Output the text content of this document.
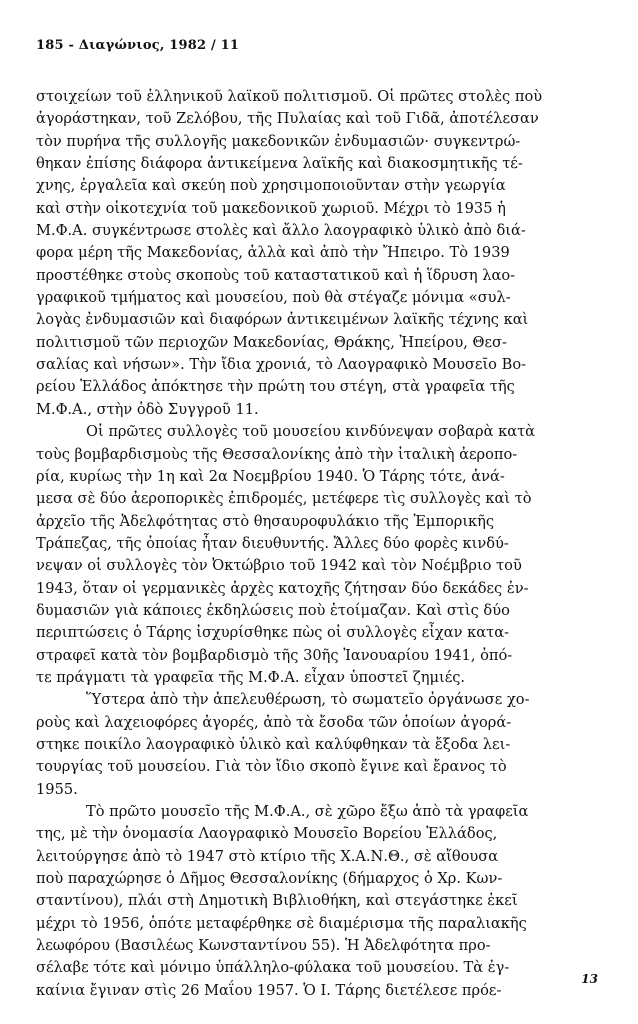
185 - Διαγώνιος, 1982 / 11
στοιχείων τοῦ ἑλληνικοῦ λαϊκοῦ πολιτισμοῦ. Οἱ πρῶτες στολὲς ποὺ
ἀγοράστηκαν, τοῦ Ζελόβου, τῆς Πυλαίας καὶ τοῦ Γιδᾶ, ἀποτέλεσαν
τὸν πυρήνα τῆς συλλογῆς μακεδονικῶν ἐνδυμασιῶν· συγκεντρώ-
θηκαν ἐπίσης διάφορα ἀντικείμενα λαϊκῆς καὶ διακοσμητικῆς τέ-
χνης, ἐργαλεῖα καὶ σκεύη ποὺ χρησιμοποιοῦνταν στὴν γεωργία
καὶ στὴν οἰκοτεχνία τοῦ μακεδονικοῦ χωριοῦ. Μέχρι τὸ 1935 ἡ
Μ.Φ.Α. συγκέντρωσε στολὲς καὶ ἄλλο λαογραφικὸ ὑλικὸ ἀπὸ διά-
φορα μέρη τῆς Μακεδονίας, ἀλλὰ καὶ ἀπὸ τὴν Ἤπειρο. Τὸ 1939
προστέθηκε στοὺς σκοποὺς τοῦ καταστατικοῦ καὶ ἡ ἵδρυση λαο-
γραφικοῦ τμήματος καὶ μουσείου, ποὺ θὰ στέγαζε μόνιμα «συλ-
λογὰς ἐνδυμασιῶν καὶ διαφόρων ἀντικειμένων λαϊκῆς τέχνης καὶ
πολιτισμοῦ τῶν περιοχῶν Μακεδονίας, Θράκης, Ἠπείρου, Θεσ-
σαλίας καὶ νήσων». Τὴν ἴδια χρονιά, τὸ Λαογραφικὸ Μουσεῖο Βο-
ρείου Ἑλλάδος ἀπόκτησε τὴν πρώτη του στέγη, στὰ γραφεῖα τῆς
Μ.Φ.Α., στὴν ὁδὸ Συγγροῦ 11.
Οἱ πρῶτες συλλογὲς τοῦ μουσείου κινδύνεψαν σοβαρὰ κατὰ
τοὺς βομβαρδισμοὺς τῆς Θεσσαλονίκης ἀπὸ τὴν ἰταλικὴ ἀεροπο-
ρία, κυρίως τὴν 1η καὶ 2α Νοεμβρίου 1940. Ὁ Τάρης τότε, ἀνά-
μεσα σὲ δύο ἀεροπορικὲς ἐπιδρομές, μετέφερε τὶς συλλογὲς καὶ τὸ
ἀρχεῖο τῆς Ἀδελφότητας στὸ θησαυροφυλάκιο τῆς Ἐμπορικῆς
Τράπεζας, τῆς ὁποίας ἦταν διευθυντής. Ἄλλες δύο φορὲς κινδύ-
νεψαν οἱ συλλογὲς τὸν Ὀκτώβριο τοῦ 1942 καὶ τὸν Νοέμβριο τοῦ
1943, ὅταν οἱ γερμανικὲς ἀρχὲς κατοχῆς ζήτησαν δύο δεκάδες ἐν-
δυμασιῶν γιὰ κάποιες ἐκδηλώσεις ποὺ ἑτοίμαζαν. Καὶ στὶς δύο
περιπτώσεις ὁ Τάρης ἰσχυρίσθηκε πὼς οἱ συλλογὲς εἶχαν κατα-
στραφεῖ κατὰ τὸν βομβαρδισμὸ τῆς 30ῆς Ἰανουαρίου 1941, ὁπό-
τε πράγματι τὰ γραφεῖα τῆς Μ.Φ.Α. εἶχαν ὑποστεῖ ζημιές.
Ὕστερα ἀπὸ τὴν ἀπελευθέρωση, τὸ σωματεῖο ὀργάνωσε χο-
ροὺς καὶ λαχειοφόρες ἀγορές, ἀπὸ τὰ ἔσοδα τῶν ὁποίων ἀγορά-
στηκε ποικίλο λαογραφικὸ ὑλικὸ καὶ καλύφθηκαν τὰ ἔξοδα λει-
τουργίας τοῦ μουσείου. Γιὰ τὸν ἴδιο σκοπὸ ἔγινε καὶ ἔρανος τὸ
1955.
Τὸ πρῶτο μουσεῖο τῆς Μ.Φ.Α., σὲ χῶρο ἔξω ἀπὸ τὰ γραφεῖα
της, μὲ τὴν ὀνομασία Λαογραφικὸ Μουσεῖο Βορείου Ἑλλάδος,
λειτούργησε ἀπὸ τὸ 1947 στὸ κτίριο τῆς Χ.Α.Ν.Θ., σὲ αἴθουσα
ποὺ παραχώρησε ὁ Δῆμος Θεσσαλονίκης (δήμαρχος ὁ Χρ. Κων-
σταντίνου), πλάι στὴ Δημοτικὴ Βιβλιοθήκη, καὶ στεγάστηκε ἐκεῖ
μέχρι τὸ 1956, ὁπότε μεταφέρθηκε σὲ διαμέρισμα τῆς παραλιακῆς
λεωφόρου (Βασιλέως Κωνσταντίνου 55). Ἡ Ἀδελφότητα προ-
σέλαβε τότε καὶ μόνιμο ὑπάλληλο-φύλακα τοῦ μουσείου. Τὰ ἐγ-
καίνια ἔγιναν στὶς 26 Μαΐου 1957. Ὁ Ι. Τάρης διετέλεσε πρόε-
13
